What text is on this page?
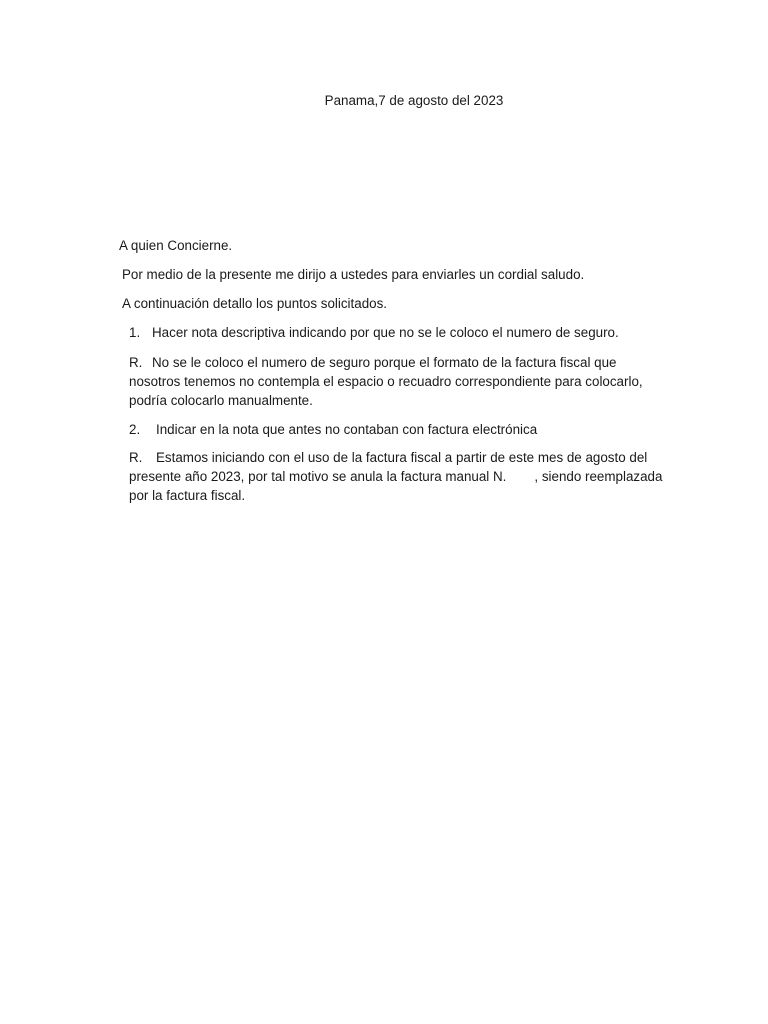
Panama,7 de agosto del 2023
A quien Concierne.
Por medio de la presente me dirijo a ustedes para enviarles un cordial saludo.
A continuación detallo los puntos solicitados.
1. Hacer nota descriptiva indicando por que no se le coloco el numero de seguro.
R. No se le coloco el numero de seguro porque el formato de la factura fiscal que nosotros tenemos no contempla el espacio o recuadro correspondiente para colocarlo, podría colocarlo manualmente.
2. Indicar en la nota que antes no contaban con factura electrónica
R. Estamos iniciando con el uso de la factura fiscal a partir de este mes de agosto del presente año 2023, por tal motivo se anula la factura manual N. , siendo reemplazada por la factura fiscal.
